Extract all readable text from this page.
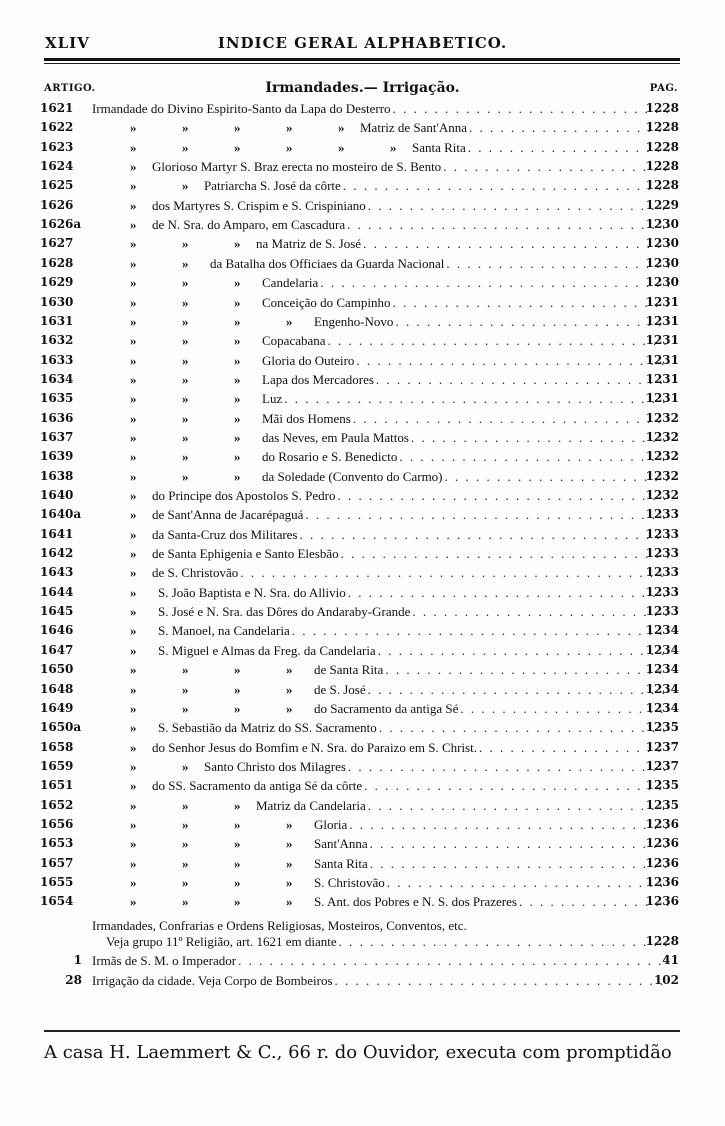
XLIV	INDICE GERAL ALPHABETICO.
ARTIGO.	Irmandades.— Irrigação.	PAG.
1621	Irmandade do Divino Espirito-Santo da Lapa do Desterro . . .	1228
1622	»	»	»	»	» Matriz de Sant'Anna . . .	1228
1623	»	»	»	»	»	» Santa Rita . . .	1228
1624	» Glorioso Martyr S. Braz erecta no mosteiro de S. Bento . . .	1228
1625	»	» Patriarcha S. José da côrte . . .	1228
1626	» dos Martyres S. Crispim e S. Crispiniano . . .	1229
1626a	» de N. Sra. do Amparo, em Cascadura . . .	1230
1627	»	»	» na Matriz de S. José . . .	1230
1628	»	» da Batalha dos Officiaes da Guarda Nacional . . .	1230
1629	»	»	» Candelaria . . .	1230
1630	»	»	» Conceição do Campinho . . .	1231
1631	»	»	»	» Engenho-Novo . . .	1231
1632	»	»	» Copacabana . . .	1231
1633	»	»	» Gloria do Outeiro . . .	1231
1634	»	»	» Lapa dos Mercadores . . .	1231
1635	»	»	» Luz . . .	1231
1636	»	»	» Mãi dos Homens . . .	1232
1637	»	»	» das Neves, em Paula Mattos . . .	1232
1639	»	»	» do Rosario e S. Benedicto . . .	1232
1638	»	»	» da Soledade (Convento do Carmo) . . .	1232
1640	» do Principe dos Apostolos S. Pedro . . .	1232
1640a	» de Sant'Anna de Jacarépaguá . . .	1233
1641	» da Santa-Cruz dos Militares . . .	1233
1642	» de Santa Ephigenia e Santo Elesbão . . .	1233
1643	» de S. Christovão . . .	1233
1644	» S. João Baptista e N. Sra. do Allivio . . .	1233
1645	» S. José e N. Sra. das Dôres do Andaraby-Grande . . .	1233
1646	» S. Manoel, na Candelaria . . .	1234
1647	» S. Miguel e Almas da Freg. da Candelaria . . .	1234
1650	»	»	»	» de Santa Rita . . .	1234
1648	»	»	»	» de S. José . . .	1234
1649	»	»	»	» do Sacramento da antiga Sé . . .	1234
1650a	» S. Sebastião da Matriz do SS. Sacramento . . .	1235
1658	» do Senhor Jesus do Bomfim e N. Sra. do Paraizo em S. Christ. . . .	1237
1659	»	» Santo Christo dos Milagres . . .	1237
1651	» do SS. Sacramento da antiga Sé da côrte . . .	1235
1652	»	»	» Matriz da Candelaria . . .	1235
1656	»	»	»	» Gloria . . .	1236
1653	»	»	»	» Sant'Anna . . .	1236
1657	»	»	»	» Santa Rita . . .	1236
1655	»	»	»	» S. Christovão . . .	1236
1654	»	»	»	» S. Ant. dos Pobres e N. S. dos Prazeres . . .	1236
Irmandades, Confrarias e Ordens Religiosas, Mosteiros, Conventos, etc.
Veja grupo 11º Religião, art. 1621 em diante . . .	1228
1 Irmãs de S. M. o Imperador . . .	41
28 Irrigação da cidade. Veja Corpo de Bombeiros . . .	102
A casa H. Laemmert & C., 66 r. do Ouvidor, executa com promptidão
